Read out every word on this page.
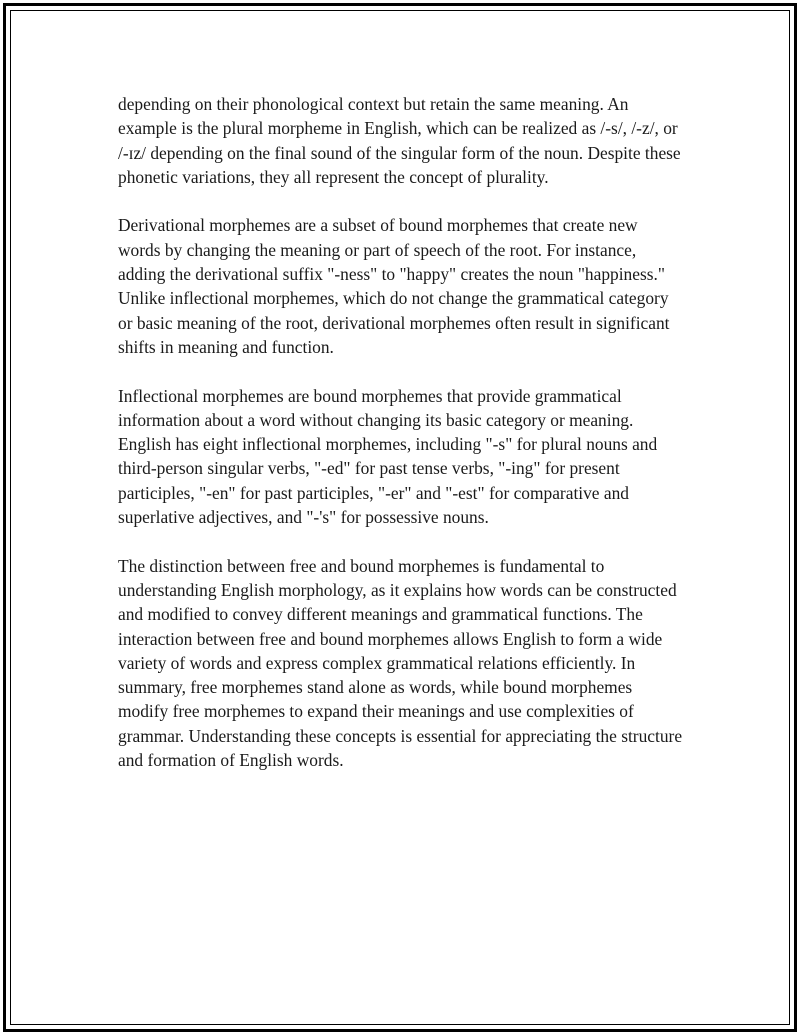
depending on their phonological context but retain the same meaning. An example is the plural morpheme in English, which can be realized as /-s/, /-z/, or /-ɪz/ depending on the final sound of the singular form of the noun. Despite these phonetic variations, they all represent the concept of plurality.

Derivational morphemes are a subset of bound morphemes that create new words by changing the meaning or part of speech of the root. For instance, adding the derivational suffix "-ness" to "happy" creates the noun "happiness." Unlike inflectional morphemes, which do not change the grammatical category or basic meaning of the root, derivational morphemes often result in significant shifts in meaning and function.

Inflectional morphemes are bound morphemes that provide grammatical information about a word without changing its basic category or meaning. English has eight inflectional morphemes, including "-s" for plural nouns and third-person singular verbs, "-ed" for past tense verbs, "-ing" for present participles, "-en" for past participles, "-er" and "-est" for comparative and superlative adjectives, and "-'s" for possessive nouns.

The distinction between free and bound morphemes is fundamental to understanding English morphology, as it explains how words can be constructed and modified to convey different meanings and grammatical functions. The interaction between free and bound morphemes allows English to form a wide variety of words and express complex grammatical relations efficiently. In summary, free morphemes stand alone as words, while bound morphemes modify free morphemes to expand their meanings and use complexities of grammar. Understanding these concepts is essential for appreciating the structure and formation of English words.
